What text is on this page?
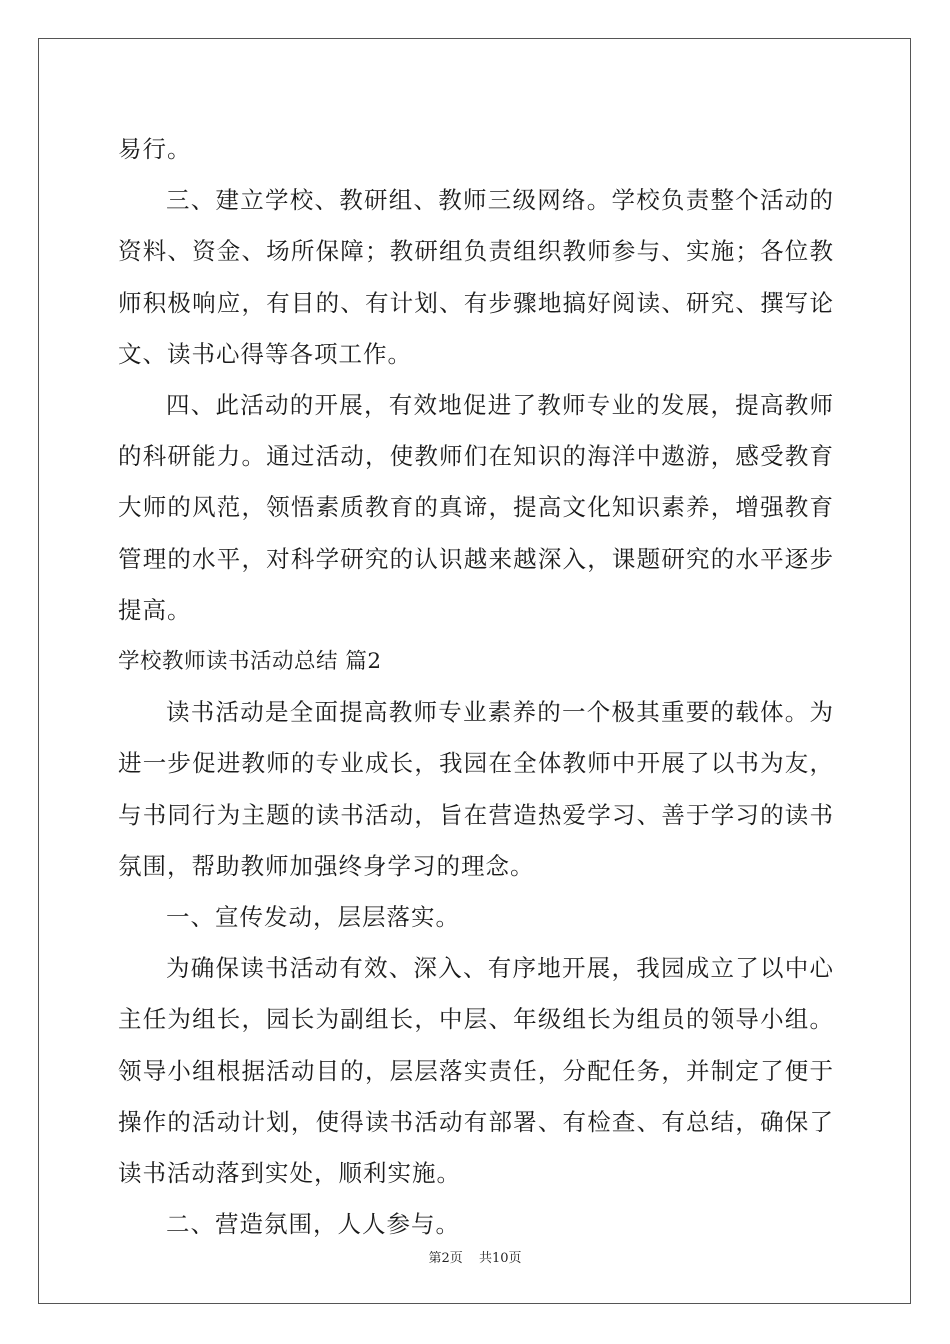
易行。

三、建立学校、教研组、教师三级网络。学校负责整个活动的资料、资金、场所保障；教研组负责组织教师参与、实施；各位教师积极响应，有目的、有计划、有步骤地搞好阅读、研究、撰写论文、读书心得等各项工作。

四、此活动的开展，有效地促进了教师专业的发展，提高教师的科研能力。通过活动，使教师们在知识的海洋中遨游，感受教育大师的风范，领悟素质教育的真谛，提高文化知识素养，增强教育管理的水平，对科学研究的认识越来越深入，课题研究的水平逐步提高。

学校教师读书活动总结 篇2

读书活动是全面提高教师专业素养的一个极其重要的载体。为进一步促进教师的专业成长，我园在全体教师中开展了以书为友，与书同行为主题的读书活动，旨在营造热爱学习、善于学习的读书氛围，帮助教师加强终身学习的理念。

一、宣传发动，层层落实。

为确保读书活动有效、深入、有序地开展，我园成立了以中心主任为组长，园长为副组长，中层、年级组长为组员的领导小组。领导小组根据活动目的，层层落实责任，分配任务，并制定了便于操作的活动计划，使得读书活动有部署、有检查、有总结，确保了读书活动落到实处，顺利实施。

二、营造氛围，人人参与。

第2页 共10页
